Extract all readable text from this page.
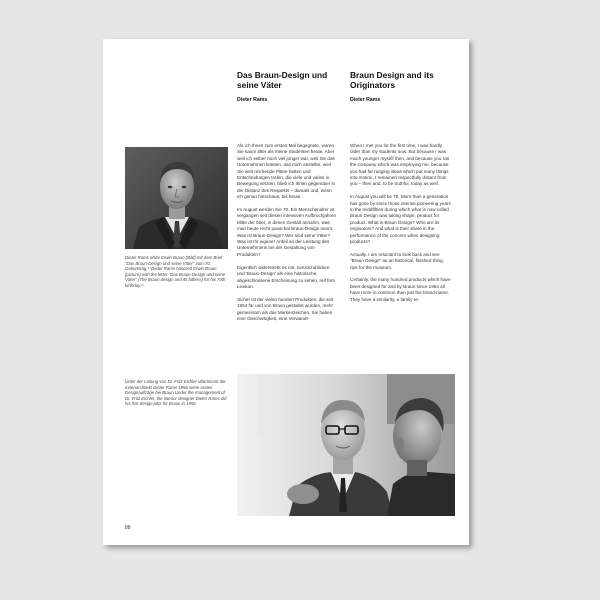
Das Braun-Design und seine Väter
Braun Design and its Originators
Dieter Rams	Dieter Rams
Dieter Rams ehrte Erwin Braun (Bild) mit dem Brief "Das Braun-Design und seine Väter" zum 70. Geburtstag.¹⁾ Dieter Rams honored Erwin Braun (picture) with the letter "Das Braun-Design und seine Väter" (The Braun design and its fathers) for his 70th birthday.¹⁾

Als ich Ihnen zum ersten Mal begegnete, waren Sie kaum älter als meine Studenten heute. Aber weil ich selber noch viel jünger war, weil Sie das Unternehmen leiteten, das mich anstellte, weil Sie weit reichende Pläne hatten und Entscheidungen trafen, die viele und vieles in Bewegung setzten, blieb ich Ihnen gegenüber in der Distanz des Respekts – damals und, wenn ich genau hinschaue, bis heute.

Im August werden Sie 70. Ein Menschenalter ist vergangen seit diesen intensiven Aufbruchjahren Mitte der 50er, in denen Gestalt annahm, was man heute recht pauschal Braun-Design nennt. Was ist Braun-Design? Wer sind seine Väter? Was ist Ihr eigener Anteil an der Leistung des Unternehmens bei der Gestaltung von Produkten?

Eigentlich widerstrebt es mir, zurückzublicken und 'Braun-Design' als eine historische, abgeschlossene Erscheinung zu sehen, reif fürs Lexikon.

Sicher ist der vielen hundert Produkten, die seit 1954 für und von Braun gestaltet wurden, mehr gemeinsam als das Markenzeichen. Sie haben eine Gleichartigkeit, eine Verwandt-

When I met you for the first time, I was hardly older than my students now. But because I was much younger myself then, and because you ran the company which was employing me, because you had far ranging ideas which put many things into motion, I remained respectfully distant from you – then and, to be truthful, today as well.

In August you will be 70. More than a generation has gone by since those intense pioneering years in the middfifties during which what is now called Braun Design was taking shape, product for product. What is Braun Design? Who are its originators? And what is their share in the performance of the concern when designing products?

Actually, I am reluctant to look back and see "Braun Design" as an historical, finished thing, ripe for the museum.

Certainly, the many hundred products which have been designed for and by Braun since 1954 all have more in common than just the brand-name. They have a similarity, a family re-

Unter der Leitung von Dr. Fritz Eichler übernimmt der Innenarchitekt Dieter Rams 1956 seine ersten Designaufträge bei Braun Under the management of Dr. Fritz Eichler, the interior designer Dieter Rams did his first design jobs for Braun in 1956
88
